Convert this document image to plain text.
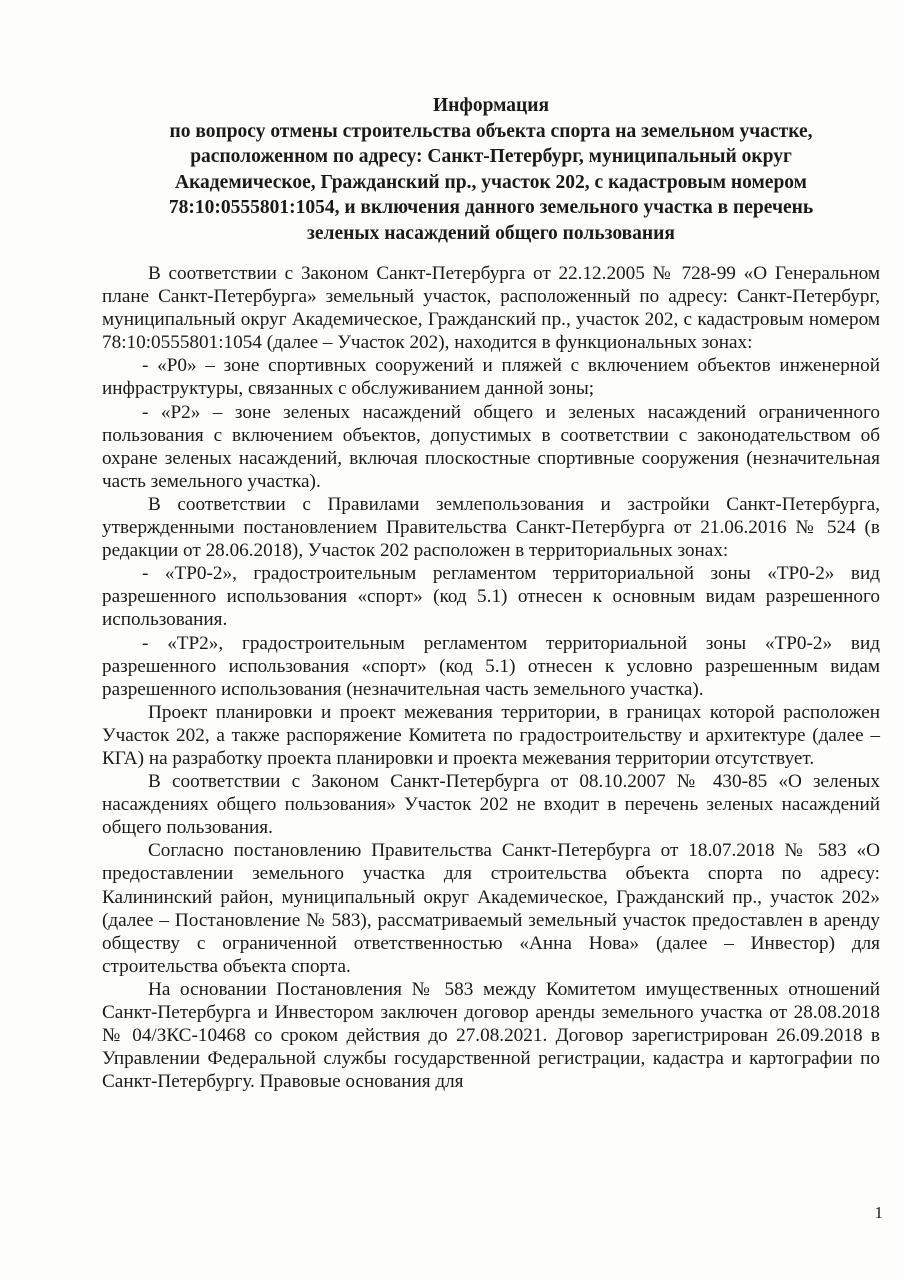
Информация
по вопросу отмены строительства объекта спорта на земельном участке,
расположенном по адресу: Санкт-Петербург, муниципальный округ
Академическое, Гражданский пр., участок 202, с кадастровым номером
78:10:0555801:1054, и включения данного земельного участка в перечень
зеленых насаждений общего пользования

В соответствии с Законом Санкт-Петербурга от 22.12.2005 № 728-99 «О Генеральном плане Санкт-Петербурга» земельный участок, расположенный по адресу: Санкт-Петербург, муниципальный округ Академическое, Гражданский пр., участок 202, с кадастровым номером 78:10:0555801:1054 (далее – Участок 202), находится в функциональных зонах:

- «Р0» – зоне спортивных сооружений и пляжей с включением объектов инженерной инфраструктуры, связанных с обслуживанием данной зоны;

- «Р2» – зоне зеленых насаждений общего и зеленых насаждений ограниченного пользования с включением объектов, допустимых в соответствии с законодательством об охране зеленых насаждений, включая плоскостные спортивные сооружения (незначительная часть земельного участка).

В соответствии с Правилами землепользования и застройки Санкт-Петербурга, утвержденными постановлением Правительства Санкт-Петербурга от 21.06.2016 № 524 (в редакции от 28.06.2018), Участок 202 расположен в территориальных зонах:

- «ТР0-2», градостроительным регламентом территориальной зоны «ТР0-2» вид разрешенного использования «спорт» (код 5.1) отнесен к основным видам разрешенного использования.

- «ТР2», градостроительным регламентом территориальной зоны «ТР0-2» вид разрешенного использования «спорт» (код 5.1) отнесен к условно разрешенным видам разрешенного использования (незначительная часть земельного участка).

Проект планировки и проект межевания территории, в границах которой расположен Участок 202, а также распоряжение Комитета по градостроительству и архитектуре (далее – КГА) на разработку проекта планировки и проекта межевания территории отсутствует.

В соответствии с Законом Санкт-Петербурга от 08.10.2007 № 430-85 «О зеленых насаждениях общего пользования» Участок 202 не входит в перечень зеленых насаждений общего пользования.

Согласно постановлению Правительства Санкт-Петербурга от 18.07.2018 № 583 «О предоставлении земельного участка для строительства объекта спорта по адресу: Калининский район, муниципальный округ Академическое, Гражданский пр., участок 202» (далее – Постановление № 583), рассматриваемый земельный участок предоставлен в аренду обществу с ограниченной ответственностью «Анна Нова» (далее – Инвестор) для строительства объекта спорта.

На основании Постановления № 583 между Комитетом имущественных отношений Санкт-Петербурга и Инвестором заключен договор аренды земельного участка от 28.08.2018 № 04/ЗКС-10468 со сроком действия до 27.08.2021. Договор зарегистрирован 26.09.2018 в Управлении Федеральной службы государственной регистрации, кадастра и картографии по Санкт-Петербургу. Правовые основания для

1
